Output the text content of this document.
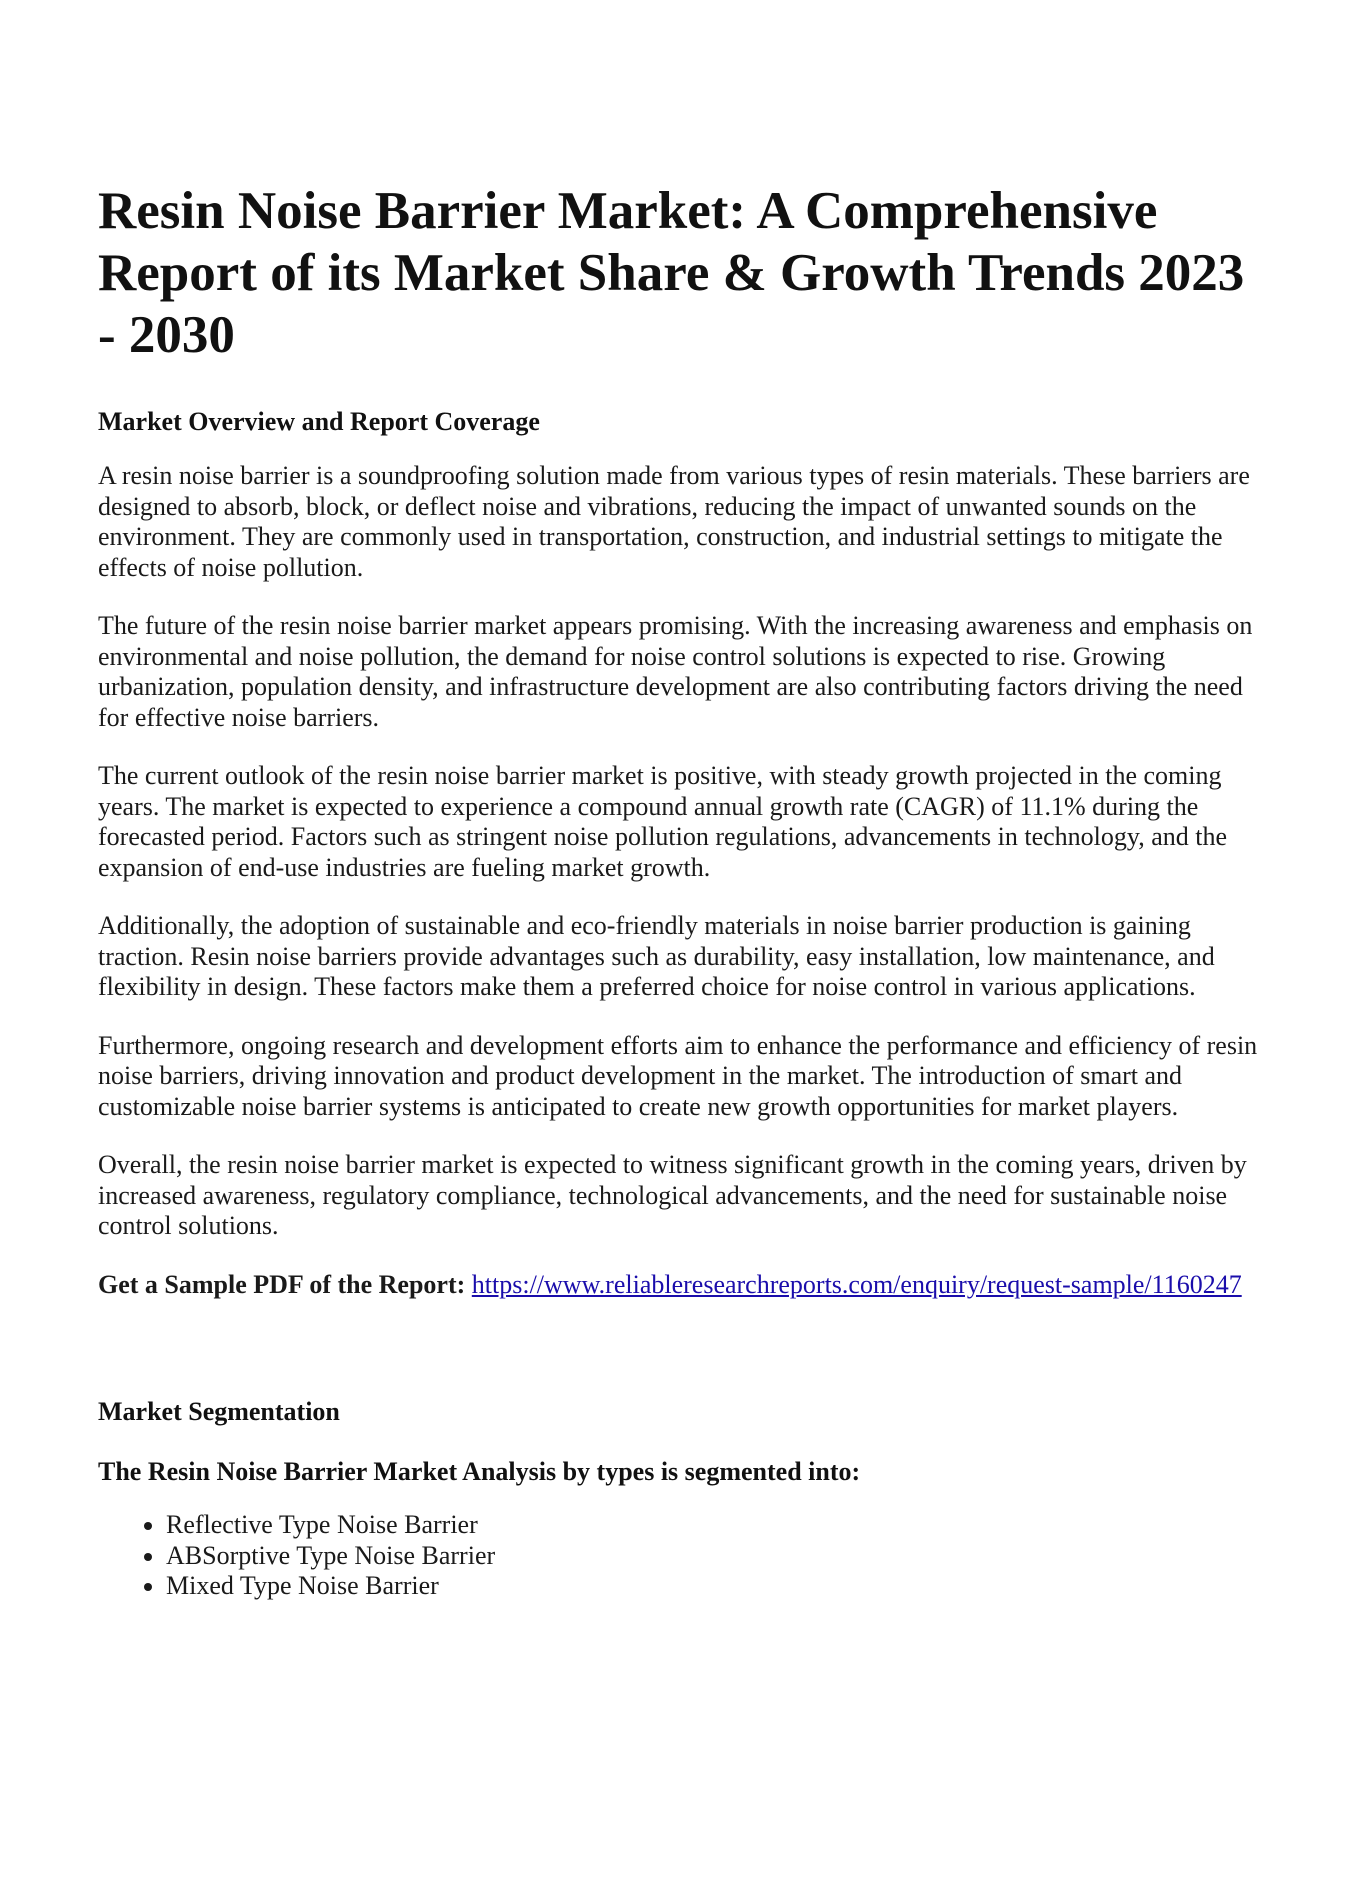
Resin Noise Barrier Market: A Comprehensive Report of its Market Share & Growth Trends 2023 - 2030
Market Overview and Report Coverage

A resin noise barrier is a soundproofing solution made from various types of resin materials. These barriers are designed to absorb, block, or deflect noise and vibrations, reducing the impact of unwanted sounds on the environment. They are commonly used in transportation, construction, and industrial settings to mitigate the effects of noise pollution.

The future of the resin noise barrier market appears promising. With the increasing awareness and emphasis on environmental and noise pollution, the demand for noise control solutions is expected to rise. Growing urbanization, population density, and infrastructure development are also contributing factors driving the need for effective noise barriers.

The current outlook of the resin noise barrier market is positive, with steady growth projected in the coming years. The market is expected to experience a compound annual growth rate (CAGR) of 11.1% during the forecasted period. Factors such as stringent noise pollution regulations, advancements in technology, and the expansion of end-use industries are fueling market growth.

Additionally, the adoption of sustainable and eco-friendly materials in noise barrier production is gaining traction. Resin noise barriers provide advantages such as durability, easy installation, low maintenance, and flexibility in design. These factors make them a preferred choice for noise control in various applications.

Furthermore, ongoing research and development efforts aim to enhance the performance and efficiency of resin noise barriers, driving innovation and product development in the market. The introduction of smart and customizable noise barrier systems is anticipated to create new growth opportunities for market players.

Overall, the resin noise barrier market is expected to witness significant growth in the coming years, driven by increased awareness, regulatory compliance, technological advancements, and the need for sustainable noise control solutions.

Get a Sample PDF of the Report: https://www.reliableresearchreports.com/enquiry/request-sample/1160247
Market Segmentation
The Resin Noise Barrier Market Analysis by types is segmented into:
• Reflective Type Noise Barrier
• ABSorptive Type Noise Barrier
• Mixed Type Noise Barrier
